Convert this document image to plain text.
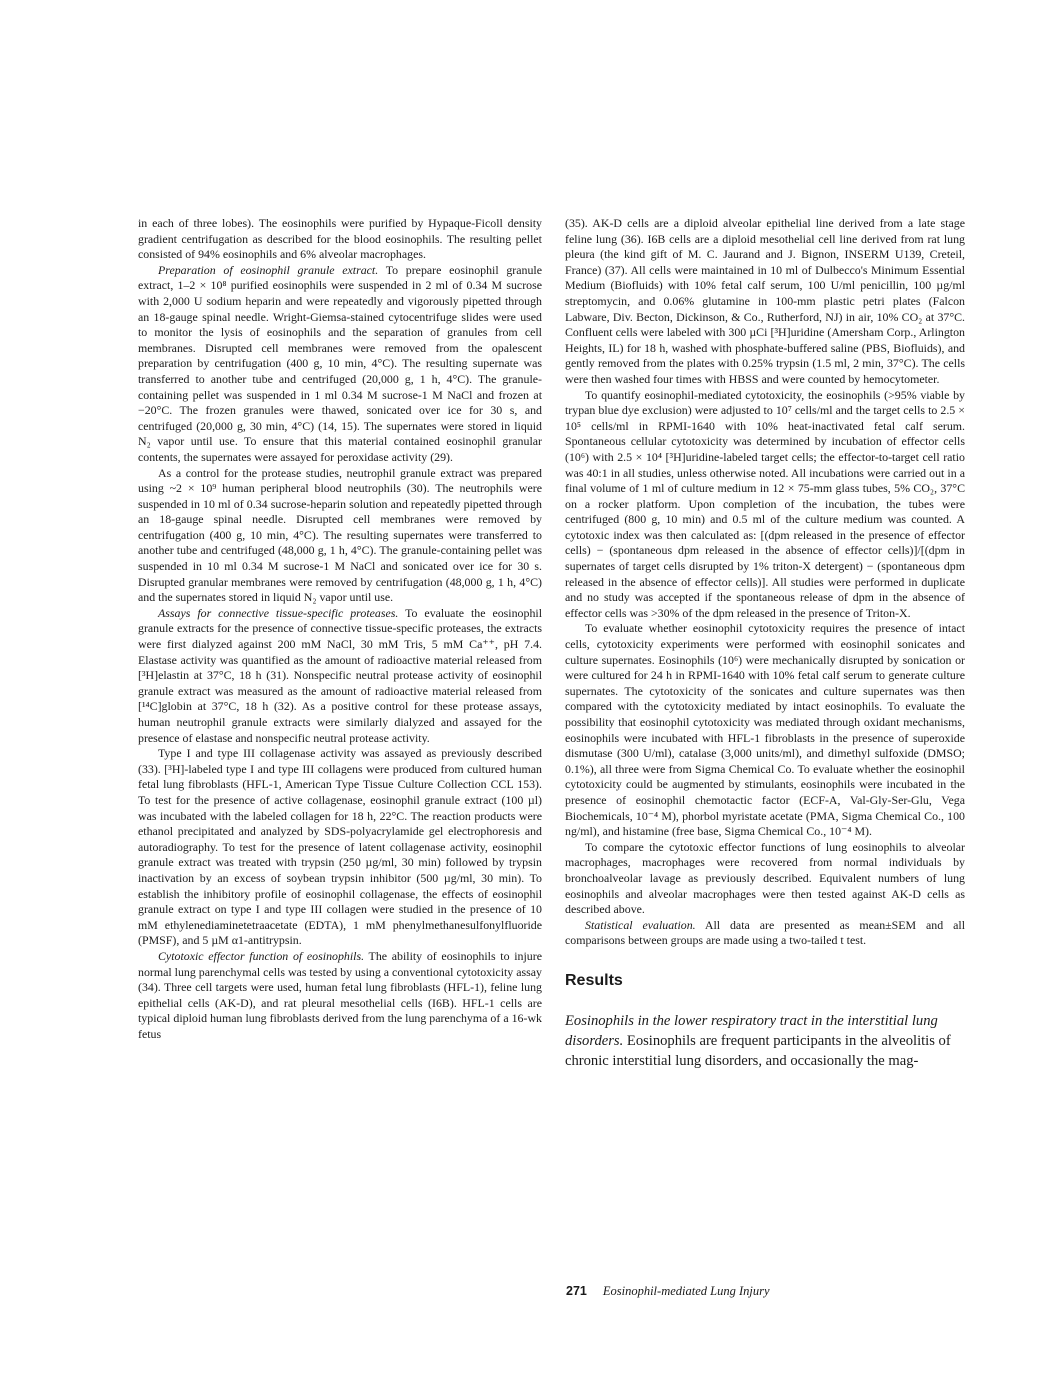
in each of three lobes). The eosinophils were purified by Hypaque-Ficoll density gradient centrifugation as described for the blood eosinophils. The resulting pellet consisted of 94% eosinophils and 6% alveolar macrophages.

Preparation of eosinophil granule extract. To prepare eosinophil granule extract, 1–2 × 10⁸ purified eosinophils were suspended in 2 ml of 0.34 M sucrose with 2,000 U sodium heparin and were repeatedly and vigorously pipetted through an 18-gauge spinal needle. Wright-Giemsa-stained cytocentrifuge slides were used to monitor the lysis of eosinophils and the separation of granules from cell membranes. Disrupted cell membranes were removed from the opalescent preparation by centrifugation (400 g, 10 min, 4°C). The resulting supernate was transferred to another tube and centrifuged (20,000 g, 1 h, 4°C). The granule-containing pellet was suspended in 1 ml 0.34 M sucrose-1 M NaCl and frozen at −20°C. The frozen granules were thawed, sonicated over ice for 30 s, and centrifuged (20,000 g, 30 min, 4°C) (14, 15). The supernates were stored in liquid N₂ vapor until use. To ensure that this material contained eosinophil granular contents, the supernates were assayed for peroxidase activity (29).

As a control for the protease studies, neutrophil granule extract was prepared using ~2 × 10⁹ human peripheral blood neutrophils (30). The neutrophils were suspended in 10 ml of 0.34 sucrose-heparin solution and repeatedly pipetted through an 18-gauge spinal needle. Disrupted cell membranes were removed by centrifugation (400 g, 10 min, 4°C). The resulting supernates were transferred to another tube and centrifuged (48,000 g, 1 h, 4°C). The granule-containing pellet was suspended in 10 ml 0.34 M sucrose-1 M NaCl and sonicated over ice for 30 s. Disrupted granular membranes were removed by centrifugation (48,000 g, 1 h, 4°C) and the supernates stored in liquid N₂ vapor until use.

Assays for connective tissue-specific proteases. To evaluate the eosinophil granule extracts for the presence of connective tissue-specific proteases, the extracts were first dialyzed against 200 mM NaCl, 30 mM Tris, 5 mM Ca⁺⁺, pH 7.4. Elastase activity was quantified as the amount of radioactive material released from [³H]elastin at 37°C, 18 h (31). Nonspecific neutral protease activity of eosinophil granule extract was measured as the amount of radioactive material released from [¹⁴C]globin at 37°C, 18 h (32). As a positive control for these protease assays, human neutrophil granule extracts were similarly dialyzed and assayed for the presence of elastase and nonspecific neutral protease activity.

Type I and type III collagenase activity was assayed as previously described (33). [³H]-labeled type I and type III collagens were produced from cultured human fetal lung fibroblasts (HFL-1, American Type Tissue Culture Collection CCL 153). To test for the presence of active collagenase, eosinophil granule extract (100 µl) was incubated with the labeled collagen for 18 h, 22°C. The reaction products were ethanol precipitated and analyzed by SDS-polyacrylamide gel electrophoresis and autoradiography. To test for the presence of latent collagenase activity, eosinophil granule extract was treated with trypsin (250 µg/ml, 30 min) followed by trypsin inactivation by an excess of soybean trypsin inhibitor (500 µg/ml, 30 min). To establish the inhibitory profile of eosinophil collagenase, the effects of eosinophil granule extract on type I and type III collagen were studied in the presence of 10 mM ethylenediaminetetraacetate (EDTA), 1 mM phenylmethanesulfonylfluoride (PMSF), and 5 µM α1-antitrypsin.

Cytotoxic effector function of eosinophils. The ability of eosinophils to injure normal lung parenchymal cells was tested by using a conventional cytotoxicity assay (34). Three cell targets were used, human fetal lung fibroblasts (HFL-1), feline lung epithelial cells (AK-D), and rat pleural mesothelial cells (I6B). HFL-1 cells are typical diploid human lung fibroblasts derived from the lung parenchyma of a 16-wk fetus

(35). AK-D cells are a diploid alveolar epithelial line derived from a late stage feline lung (36). I6B cells are a diploid mesothelial cell line derived from rat lung pleura (the kind gift of M. C. Jaurand and J. Bignon, INSERM U139, Creteil, France) (37). All cells were maintained in 10 ml of Dulbecco's Minimum Essential Medium (Biofluids) with 10% fetal calf serum, 100 U/ml penicillin, 100 µg/ml streptomycin, and 0.06% glutamine in 100-mm plastic petri plates (Falcon Labware, Div. Becton, Dickinson, & Co., Rutherford, NJ) in air, 10% CO₂ at 37°C. Confluent cells were labeled with 300 µCi [³H]uridine (Amersham Corp., Arlington Heights, IL) for 18 h, washed with phosphate-buffered saline (PBS, Biofluids), and gently removed from the plates with 0.25% trypsin (1.5 ml, 2 min, 37°C). The cells were then washed four times with HBSS and were counted by hemocytometer.

To quantify eosinophil-mediated cytotoxicity, the eosinophils (>95% viable by trypan blue dye exclusion) were adjusted to 10⁷ cells/ml and the target cells to 2.5 × 10⁵ cells/ml in RPMI-1640 with 10% heat-inactivated fetal calf serum. Spontaneous cellular cytotoxicity was determined by incubation of effector cells (10⁶) with 2.5 × 10⁴ [³H]uridine-labeled target cells; the effector-to-target cell ratio was 40:1 in all studies, unless otherwise noted. All incubations were carried out in a final volume of 1 ml of culture medium in 12 × 75-mm glass tubes, 5% CO₂, 37°C on a rocker platform. Upon completion of the incubation, the tubes were centrifuged (800 g, 10 min) and 0.5 ml of the culture medium was counted. A cytotoxic index was then calculated as: [(dpm released in the presence of effector cells) − (spontaneous dpm released in the absence of effector cells)]/[(dpm in supernates of target cells disrupted by 1% triton-X detergent) − (spontaneous dpm released in the absence of effector cells)]. All studies were performed in duplicate and no study was accepted if the spontaneous release of dpm in the absence of effector cells was >30% of the dpm released in the presence of Triton-X.

To evaluate whether eosinophil cytotoxicity requires the presence of intact cells, cytotoxicity experiments were performed with eosinophil sonicates and culture supernates. Eosinophils (10⁶) were mechanically disrupted by sonication or were cultured for 24 h in RPMI-1640 with 10% fetal calf serum to generate culture supernates. The cytotoxicity of the sonicates and culture supernates was then compared with the cytotoxicity mediated by intact eosinophils. To evaluate the possibility that eosinophil cytotoxicity was mediated through oxidant mechanisms, eosinophils were incubated with HFL-1 fibroblasts in the presence of superoxide dismutase (300 U/ml), catalase (3,000 units/ml), and dimethyl sulfoxide (DMSO; 0.1%), all three were from Sigma Chemical Co. To evaluate whether the eosinophil cytotoxicity could be augmented by stimulants, eosinophils were incubated in the presence of eosinophil chemotactic factor (ECF-A, Val-Gly-Ser-Glu, Vega Biochemicals, 10⁻⁴ M), phorbol myristate acetate (PMA, Sigma Chemical Co., 100 ng/ml), and histamine (free base, Sigma Chemical Co., 10⁻⁴ M).

To compare the cytotoxic effector functions of lung eosinophils to alveolar macrophages, macrophages were recovered from normal individuals by bronchoalveolar lavage as previously described. Equivalent numbers of lung eosinophils and alveolar macrophages were then tested against AK-D cells as described above.

Statistical evaluation. All data are presented as mean±SEM and all comparisons between groups are made using a two-tailed t test.

Results

Eosinophils in the lower respiratory tract in the interstitial lung disorders. Eosinophils are frequent participants in the alveolitis of chronic interstitial lung disorders, and occasionally the mag-

271 Eosinophil-mediated Lung Injury
